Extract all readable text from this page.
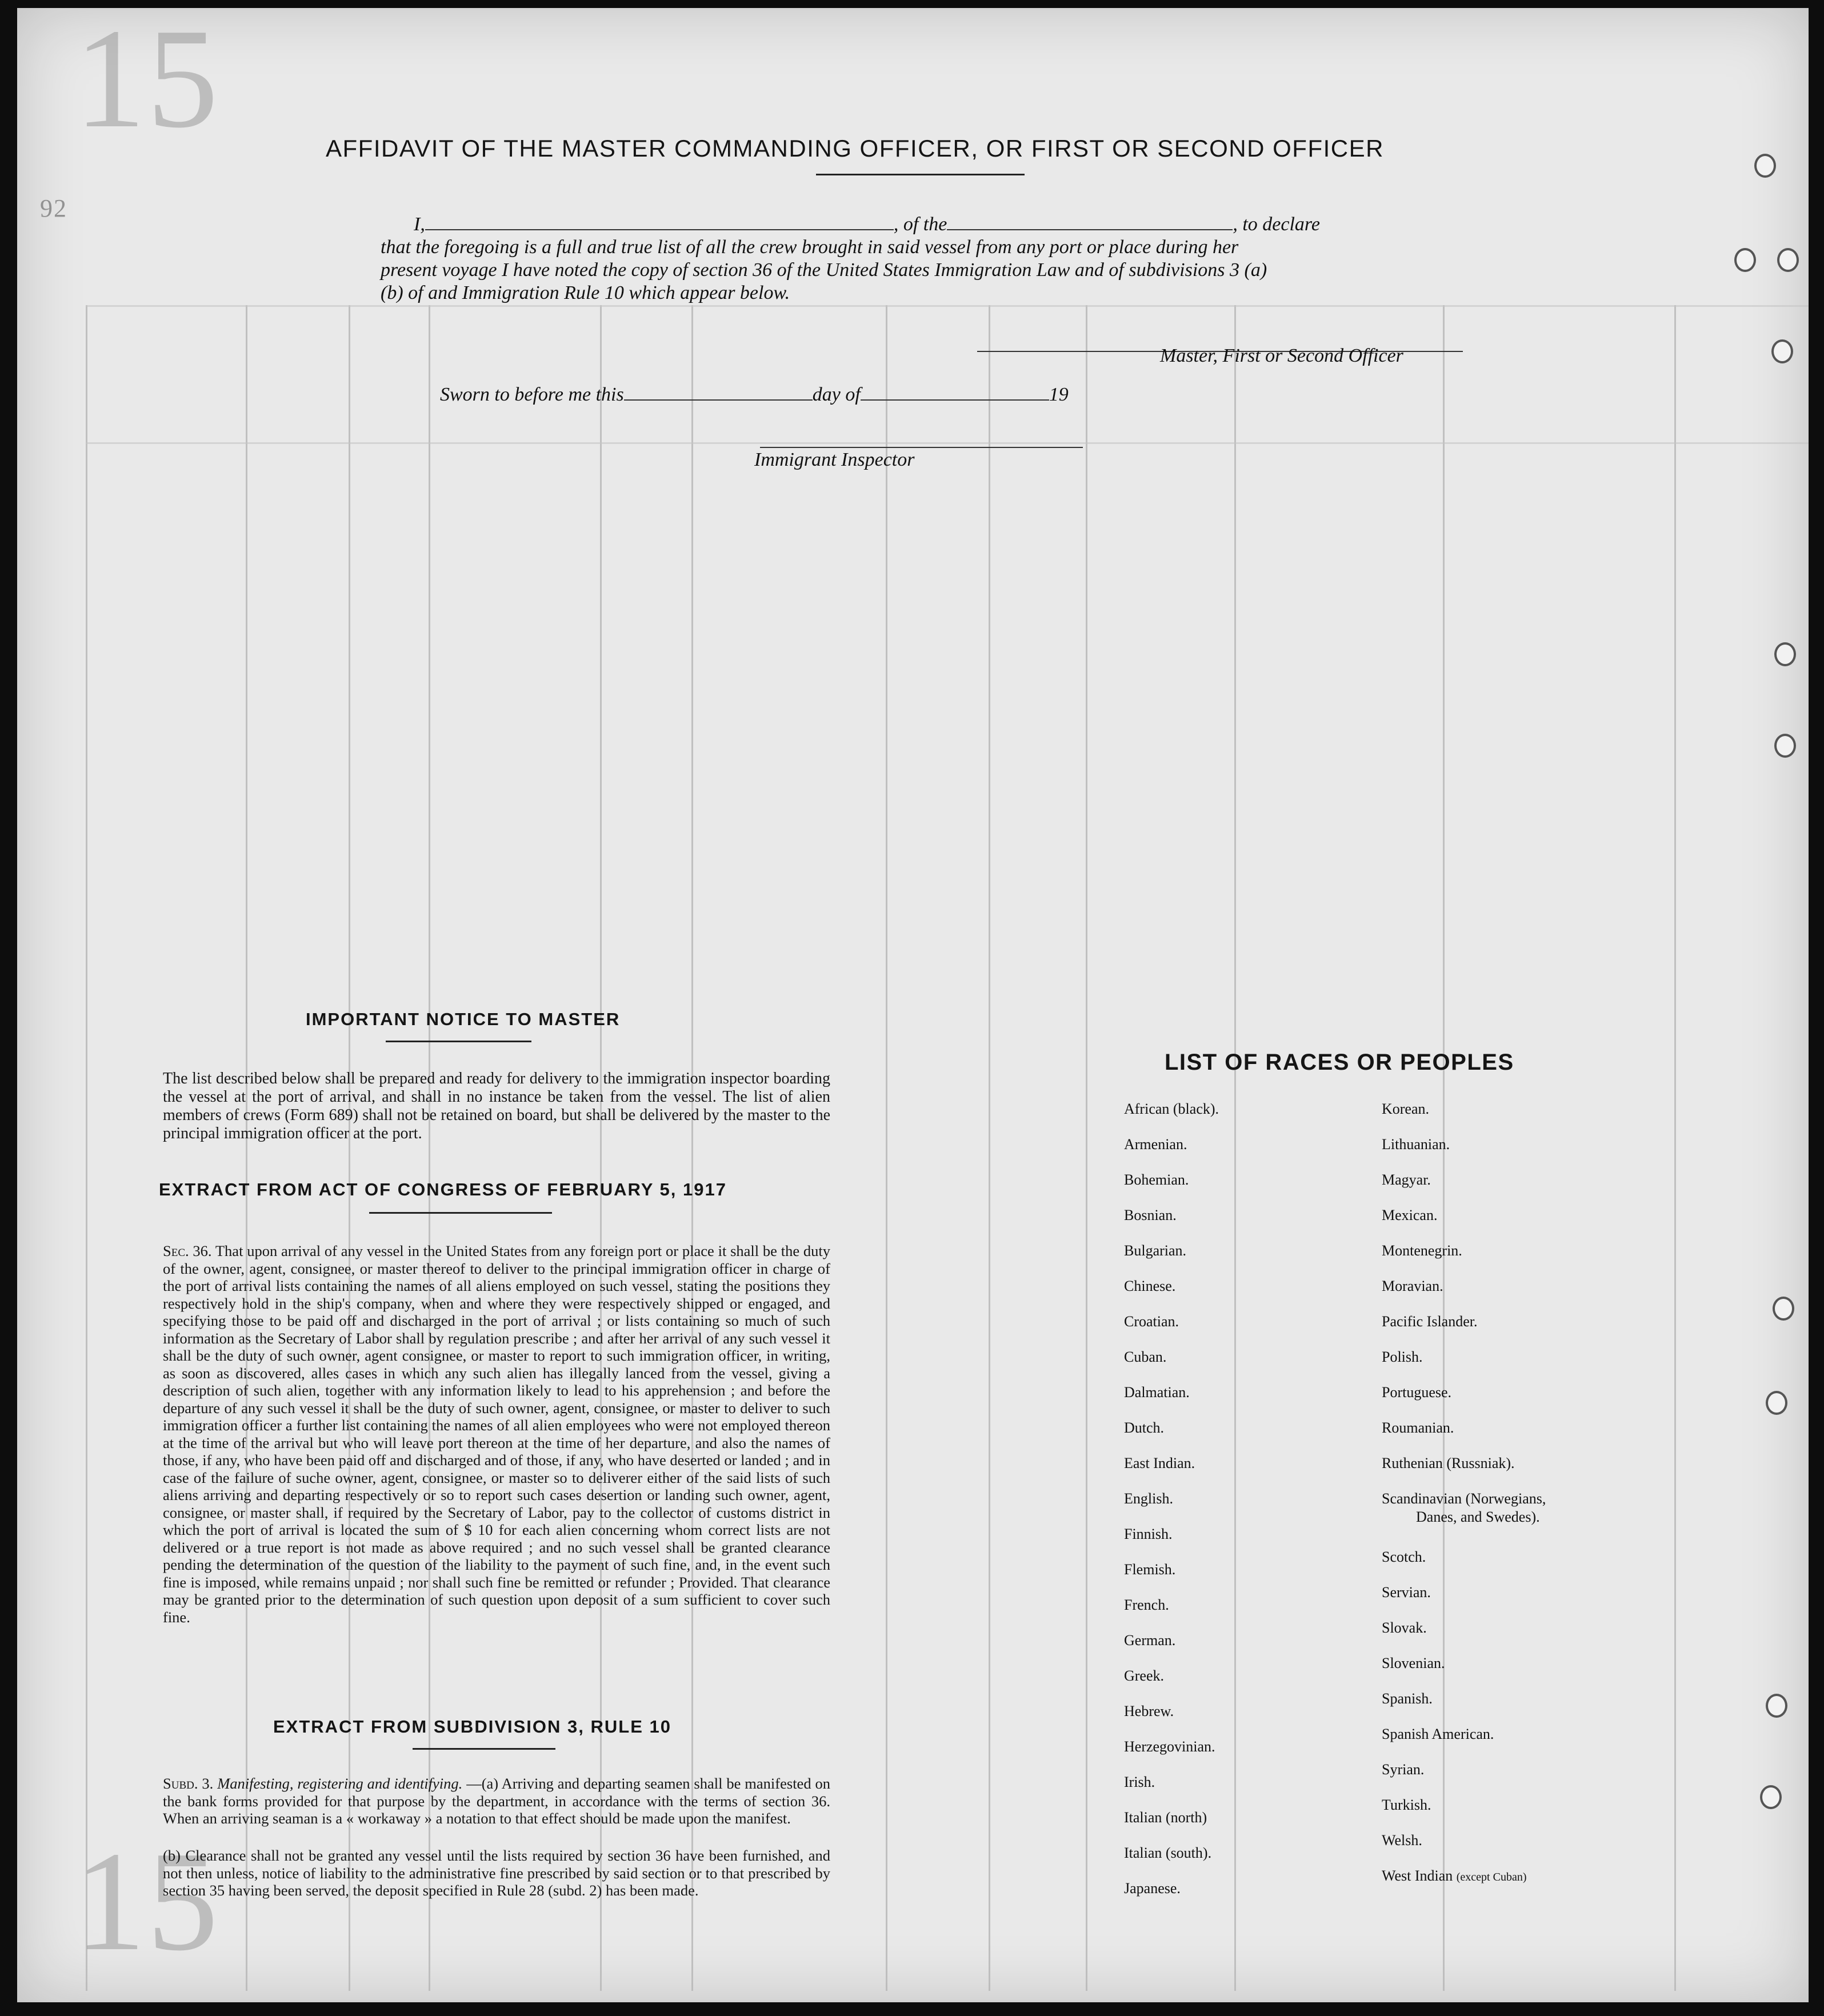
15
15
92
AFFIDAVIT OF THE MASTER COMMANDING OFFICER, OR FIRST OR SECOND OFFICER
I,	, of the	, to declare
that the foregoing is a full and true list of all the crew brought in said vessel from any port or place during her
present voyage I have noted the copy of section 36 of the United States Immigration Law and of subdivisions 3 (a)
(b) of and Immigration Rule 10 which appear below.
Master, First or Second Officer
Sworn to before me this	day of	19
Immigrant Inspector
IMPORTANT NOTICE TO MASTER
The list described below shall be prepared and ready for delivery to the immigration inspector boarding the vessel at the port of arrival, and shall in no instance be taken from the vessel. The list of alien members of crews (Form 689) shall not be retained on board, but shall be delivered by the master to the principal immigration officer at the port.
EXTRACT FROM ACT OF CONGRESS OF FEBRUARY 5, 1917
Sec. 36. That upon arrival of any vessel in the United States from any foreign port or place it shall be the duty of the owner, agent, consignee, or master thereof to deliver to the principal immigration officer in charge of the port of arrival lists containing the names of all aliens employed on such vessel, stating the positions they respectively hold in the ship's company, when and where they were respectively shipped or engaged, and specifying those to be paid off and discharged in the port of arrival ; or lists containing so much of such information as the Secretary of Labor shall by regulation prescribe ; and after her arrival of any such vessel it shall be the duty of such owner, agent consignee, or master to report to such immigration officer, in writing, as soon as discovered, alles cases in which any such alien has illegally lanced from the vessel, giving a description of such alien, together with any information likely to lead to his apprehension ; and before the departure of any such vessel it shall be the duty of such owner, agent, consignee, or master to deliver to such immigration officer a further list containing the names of all alien employees who were not employed thereon at the time of the arrival but who will leave port thereon at the time of her departure, and also the names of those, if any, who have been paid off and discharged and of those, if any, who have deserted or landed ; and in case of the failure of suche owner, agent, consignee, or master so to deliverer either of the said lists of such aliens arriving and departing respectively or so to report such cases desertion or landing such owner, agent, consignee, or master shall, if required by the Secretary of Labor, pay to the collector of customs district in which the port of arrival is located the sum of $ 10 for each alien concerning whom correct lists are not delivered or a true report is not made as above required ; and no such vessel shall be granted clearance pending the determination of the question of the liability to the payment of such fine, and, in the event such fine is imposed, while remains unpaid ; nor shall such fine be remitted or refunder ; Provided. That clearance may be granted prior to the determination of such question upon deposit of a sum sufficient to cover such fine.
EXTRACT FROM SUBDIVISION 3, RULE 10
Subd. 3. Manifesting, registering and identifying. —(a) Arriving and departing seamen shall be manifested on the bank forms provided for that purpose by the department, in accordance with the terms of section 36. When an arriving seaman is a « workaway » a notation to that effect should be made upon the manifest.
(b) Clearance shall not be granted any vessel until the lists required by section 36 have been furnished, and not then unless, notice of liability to the administrative fine prescribed by said section or to that prescribed by section 35 having been served, the deposit specified in Rule 28 (subd. 2) has been made.
LIST OF RACES OR PEOPLES
African (black).
Armenian.
Bohemian.
Bosnian.
Bulgarian.
Chinese.
Croatian.
Cuban.
Dalmatian.
Dutch.
East Indian.
English.
Finnish.
Flemish.
French.
German.
Greek.
Hebrew.
Herzegovinian.
Irish.
Italian (north)
Italian (south).
Japanese.
Korean.
Lithuanian.
Magyar.
Mexican.
Montenegrin.
Moravian.
Pacific Islander.
Polish.
Portuguese.
Roumanian.
Ruthenian (Russniak).
Scandinavian (Norwegians,
Danes, and Swedes).
Scotch.
Servian.
Slovak.
Slovenian.
Spanish.
Spanish American.
Syrian.
Turkish.
Welsh.
West Indian (except Cuban)
